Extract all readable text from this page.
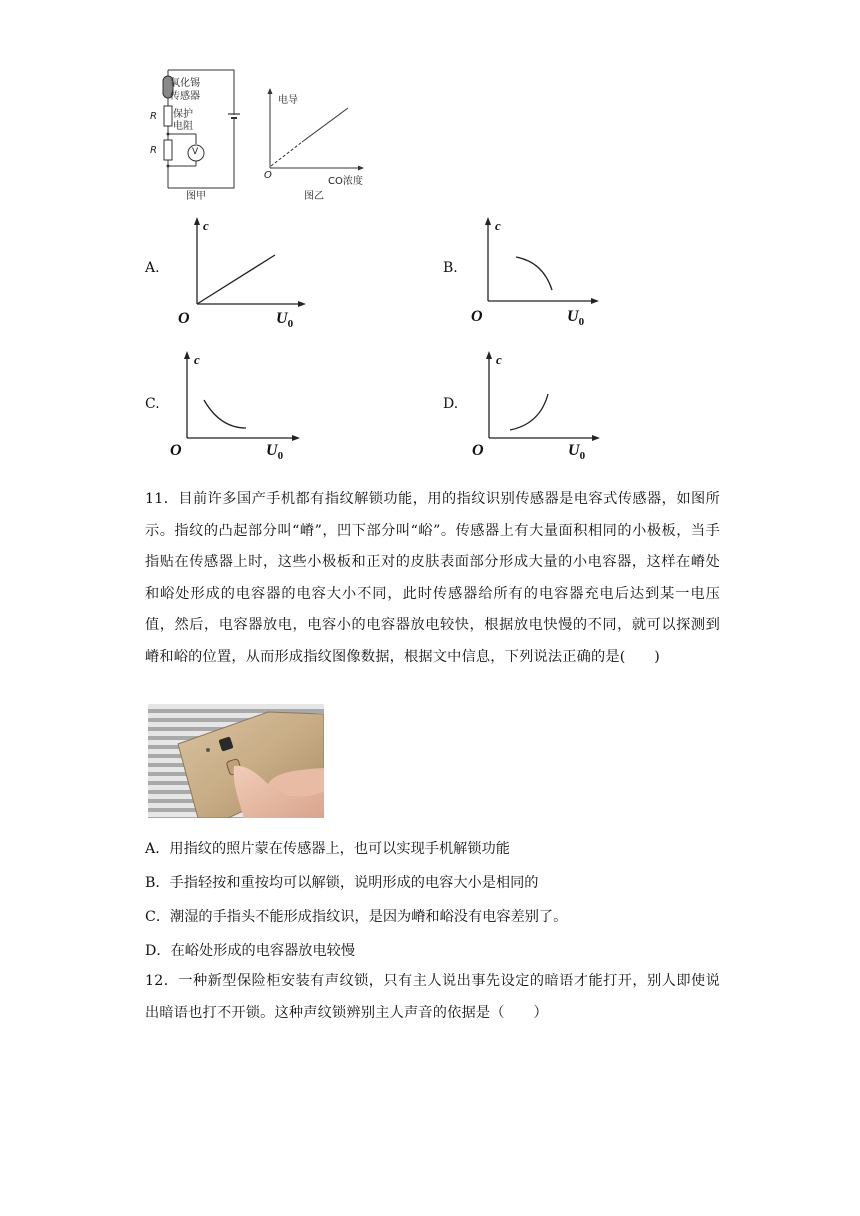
氧化锡
传感器
R 保护
电阻
R	V
图甲
电导
O
CO浓度
图乙
A.
c
O	$U_0$
B.
c
O	$U_0$
C.
c
O	$U_0$
D.
c
O	$U_0$
11．目前许多国产手机都有指纹解锁功能，用的指纹识别传感器是电容式传感器，如图所示。指纹的凸起部分叫“嵴”，凹下部分叫“峪”。传感器上有大量面积相同的小极板，当手指贴在传感器上时，这些小极板和正对的皮肤表面部分形成大量的小电容器，这样在嵴处和峪处形成的电容器的电容大小不同，此时传感器给所有的电容器充电后达到某一电压值，然后，电容器放电，电容小的电容器放电较快，根据放电快慢的不同，就可以探测到嵴和峪的位置，从而形成指纹图像数据，根据文中信息，下列说法正确的是(　　)
A．用指纹的照片蒙在传感器上，也可以实现手机解锁功能
B．手指轻按和重按均可以解锁，说明形成的电容大小是相同的
C．潮湿的手指头不能形成指纹识，是因为嵴和峪没有电容差别了。
D．在峪处形成的电容器放电较慢
12．一种新型保险柜安装有声纹锁，只有主人说出事先设定的暗语才能打开，别人即使说出暗语也打不开锁。这种声纹锁辨别主人声音的依据是（　　）
